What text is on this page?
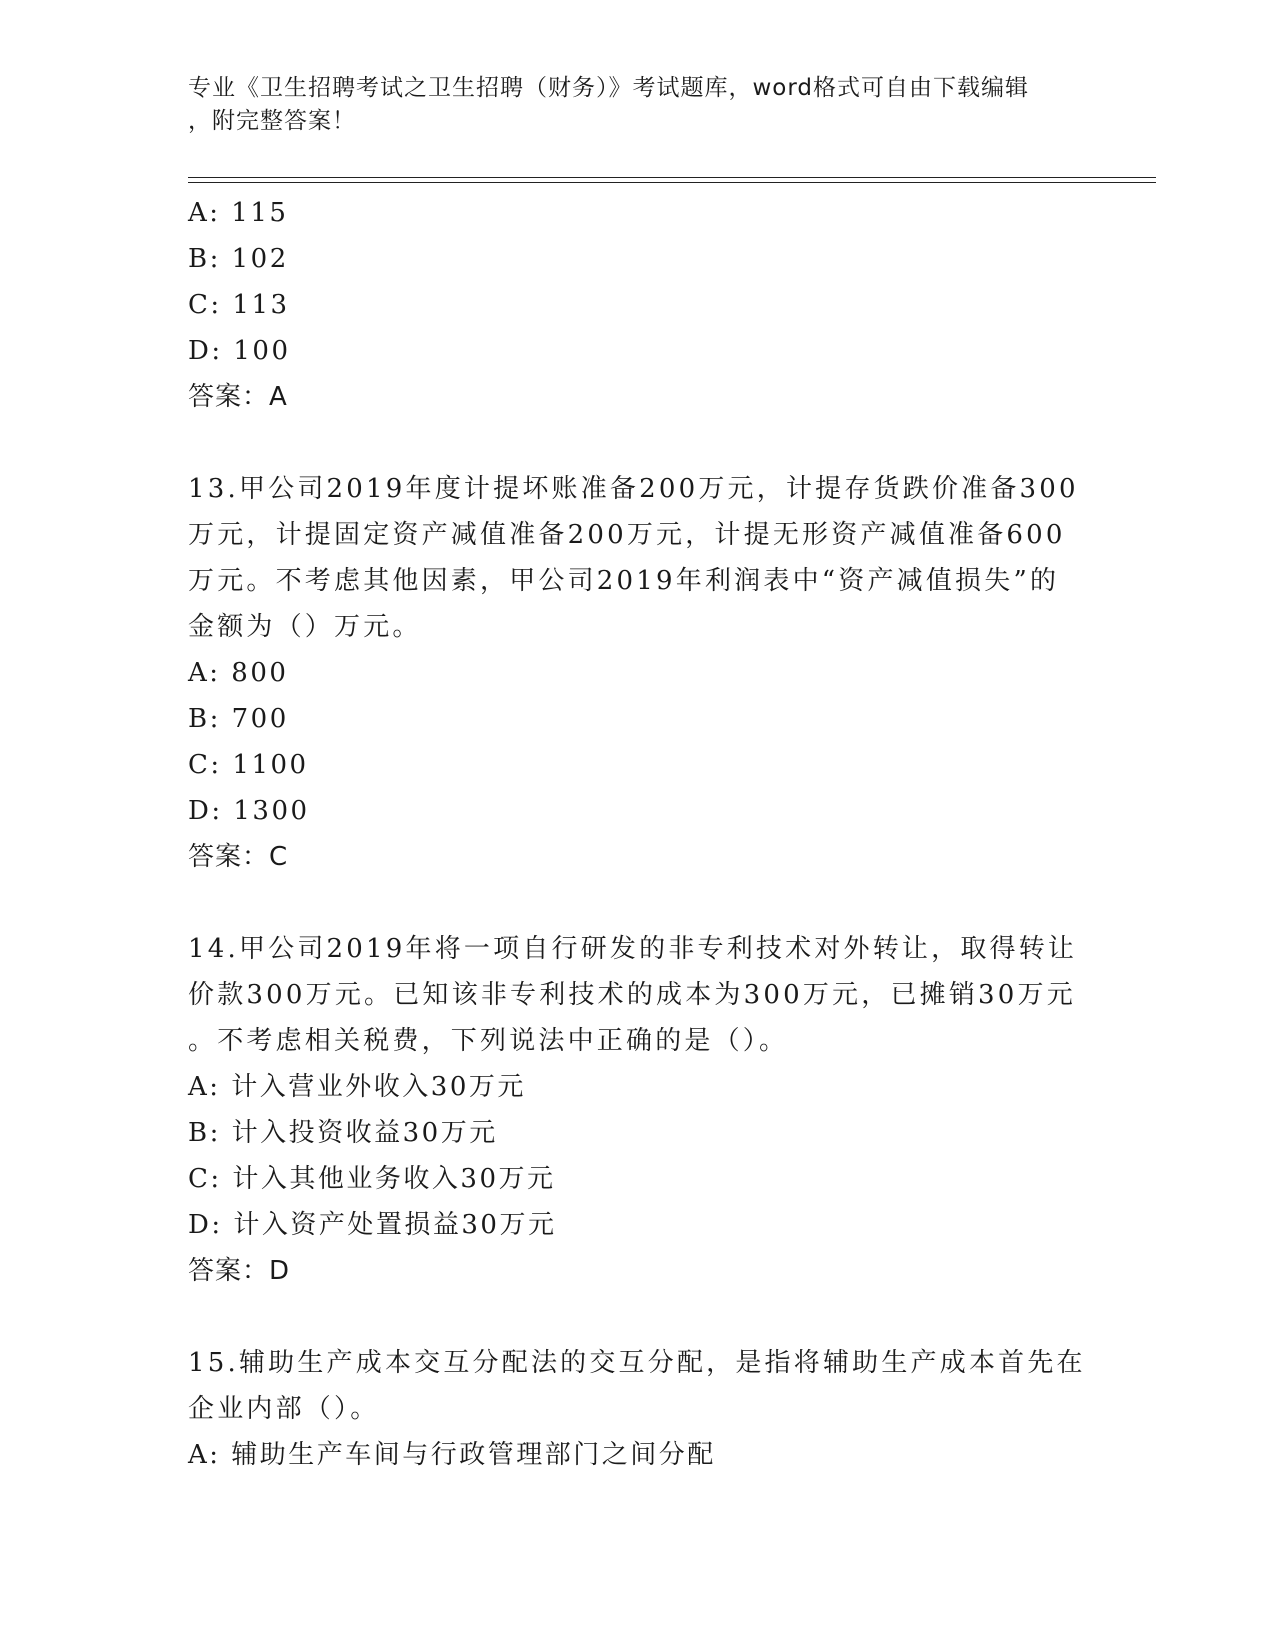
专业《卫生招聘考试之卫生招聘（财务）》考试题库，word格式可自由下载编辑
，附完整答案！
A: 115
B: 102
C: 113
D: 100
答案：A
13.甲公司2019年度计提坏账准备200万元，计提存货跌价准备300
万元，计提固定资产减值准备200万元，计提无形资产减值准备600
万元。不考虑其他因素，甲公司2019年利润表中“资产减值损失”的
金额为（）万元。
A: 800
B: 700
C: 1100
D: 1300
答案：C
14.甲公司2019年将一项自行研发的非专利技术对外转让，取得转让
价款300万元。已知该非专利技术的成本为300万元，已摊销30万元
。不考虑相关税费，下列说法中正确的是（）。
A: 计入营业外收入30万元
B: 计入投资收益30万元
C: 计入其他业务收入30万元
D: 计入资产处置损益30万元
答案：D
15.辅助生产成本交互分配法的交互分配，是指将辅助生产成本首先在
企业内部（）。
A: 辅助生产车间与行政管理部门之间分配
